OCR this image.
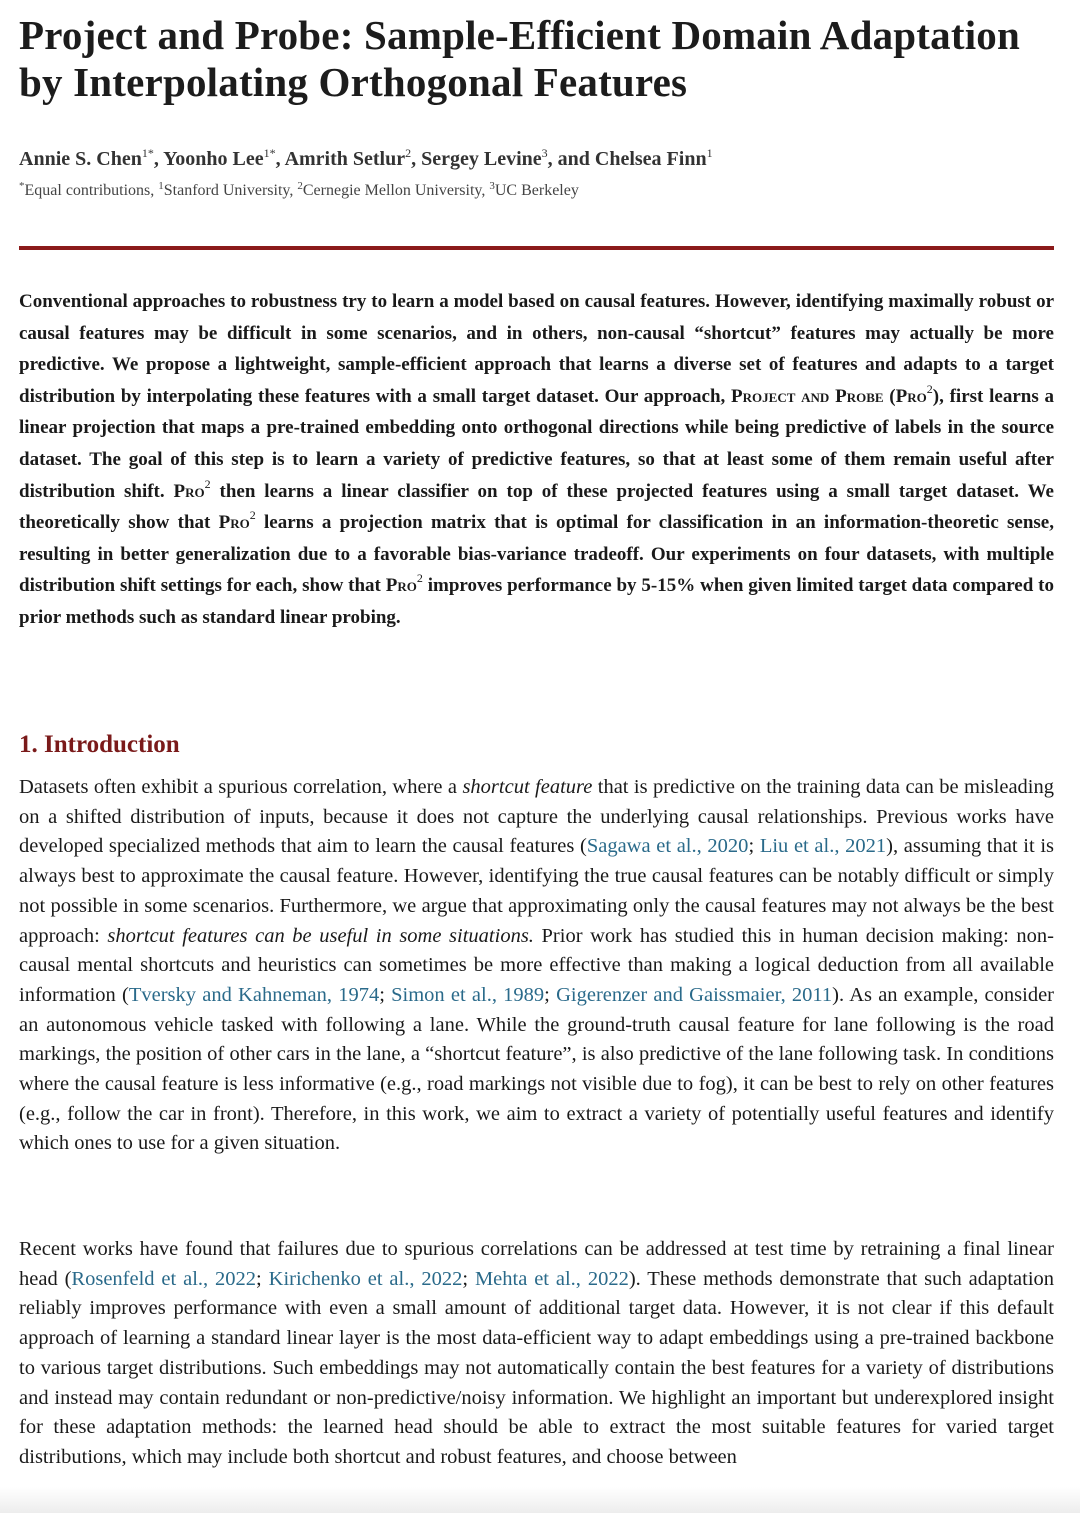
Project and Probe: Sample-Efficient Domain Adaptation by Interpolating Orthogonal Features
Annie S. Chen$^{1*}$, Yoonho Lee$^{1*}$, Amrith Setlur$^2$, Sergey Levine$^3$, and Chelsea Finn$^1$
*Equal contributions, $^1$Stanford University, $^2$Cernegie Mellon University, $^3$UC Berkeley

Conventional approaches to robustness try to learn a model based on causal features. However, identifying maximally robust or causal features may be difficult in some scenarios, and in others, non-causal “shortcut” features may actually be more predictive. We propose a lightweight, sample-efficient approach that learns a diverse set of features and adapts to a target distribution by interpolating these features with a small target dataset. Our approach, Project and Probe (Pro$^2$), first learns a linear projection that maps a pre-trained embedding onto orthogonal directions while being predictive of labels in the source dataset. The goal of this step is to learn a variety of predictive features, so that at least some of them remain useful after distribution shift. Pro$^2$ then learns a linear classifier on top of these projected features using a small target dataset. We theoretically show that Pro$^2$ learns a projection matrix that is optimal for classification in an information-theoretic sense, resulting in better generalization due to a favorable bias-variance tradeoff. Our experiments on four datasets, with multiple distribution shift settings for each, show that Pro$^2$ improves performance by 5-15% when given limited target data compared to prior methods such as standard linear probing.

1. Introduction

Datasets often exhibit a spurious correlation, where a shortcut feature that is predictive on the training data can be misleading on a shifted distribution of inputs, because it does not capture the underlying causal relationships. Previous works have developed specialized methods that aim to learn the causal features (Sagawa et al., 2020; Liu et al., 2021), assuming that it is always best to approximate the causal feature. However, identifying the true causal features can be notably difficult or simply not possible in some scenarios. Furthermore, we argue that approximating only the causal features may not always be the best approach: shortcut features can be useful in some situations. Prior work has studied this in human decision making: non-causal mental shortcuts and heuristics can sometimes be more effective than making a logical deduction from all available information (Tversky and Kahneman, 1974; Simon et al., 1989; Gigerenzer and Gaissmaier, 2011). As an example, consider an autonomous vehicle tasked with following a lane. While the ground-truth causal feature for lane following is the road markings, the position of other cars in the lane, a “shortcut feature”, is also predictive of the lane following task. In conditions where the causal feature is less informative (e.g., road markings not visible due to fog), it can be best to rely on other features (e.g., follow the car in front). Therefore, in this work, we aim to extract a variety of potentially useful features and identify which ones to use for a given situation.

Recent works have found that failures due to spurious correlations can be addressed at test time by retraining a final linear head (Rosenfeld et al., 2022; Kirichenko et al., 2022; Mehta et al., 2022). These methods demonstrate that such adaptation reliably improves performance with even a small amount of additional target data. However, it is not clear if this default approach of learning a standard linear layer is the most data-efficient way to adapt embeddings using a pre-trained backbone to various target distributions. Such embeddings may not automatically contain the best features for a variety of distributions and instead may contain redundant or non-predictive/noisy information. We highlight an important but underexplored insight for these adaptation methods: the learned head should be able to extract the most suitable features for varied target distributions, which may include both shortcut and robust features, and choose between
